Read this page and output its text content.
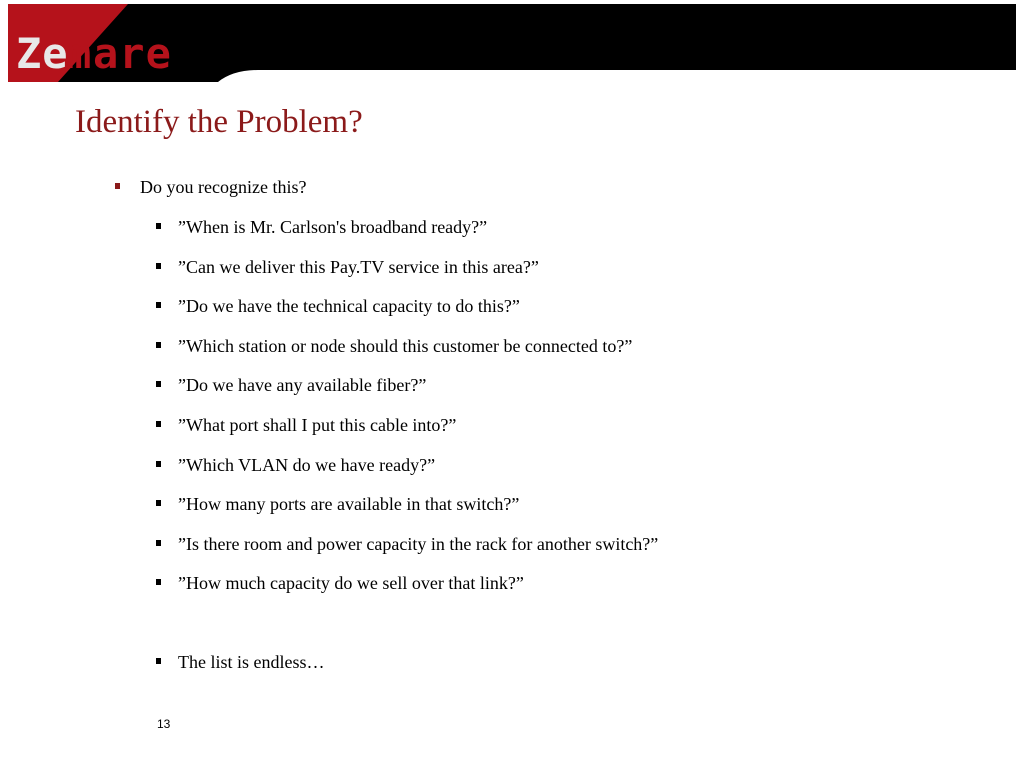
Ze
m are
Identify the Problem?
Do you recognize this?
”When is Mr. Carlson's broadband ready?”
”Can we deliver this Pay.TV service in this area?”
”Do we have the technical capacity to do this?”
”Which station or node should this customer be connected to?”
”Do we have any available fiber?”
”What port shall I put this cable into?”
”Which VLAN do we have ready?”
”How many ports are available in that switch?”
”Is there room and power capacity in the rack for another switch?”
”How much capacity do we sell over that link?”
The list is endless…
13
